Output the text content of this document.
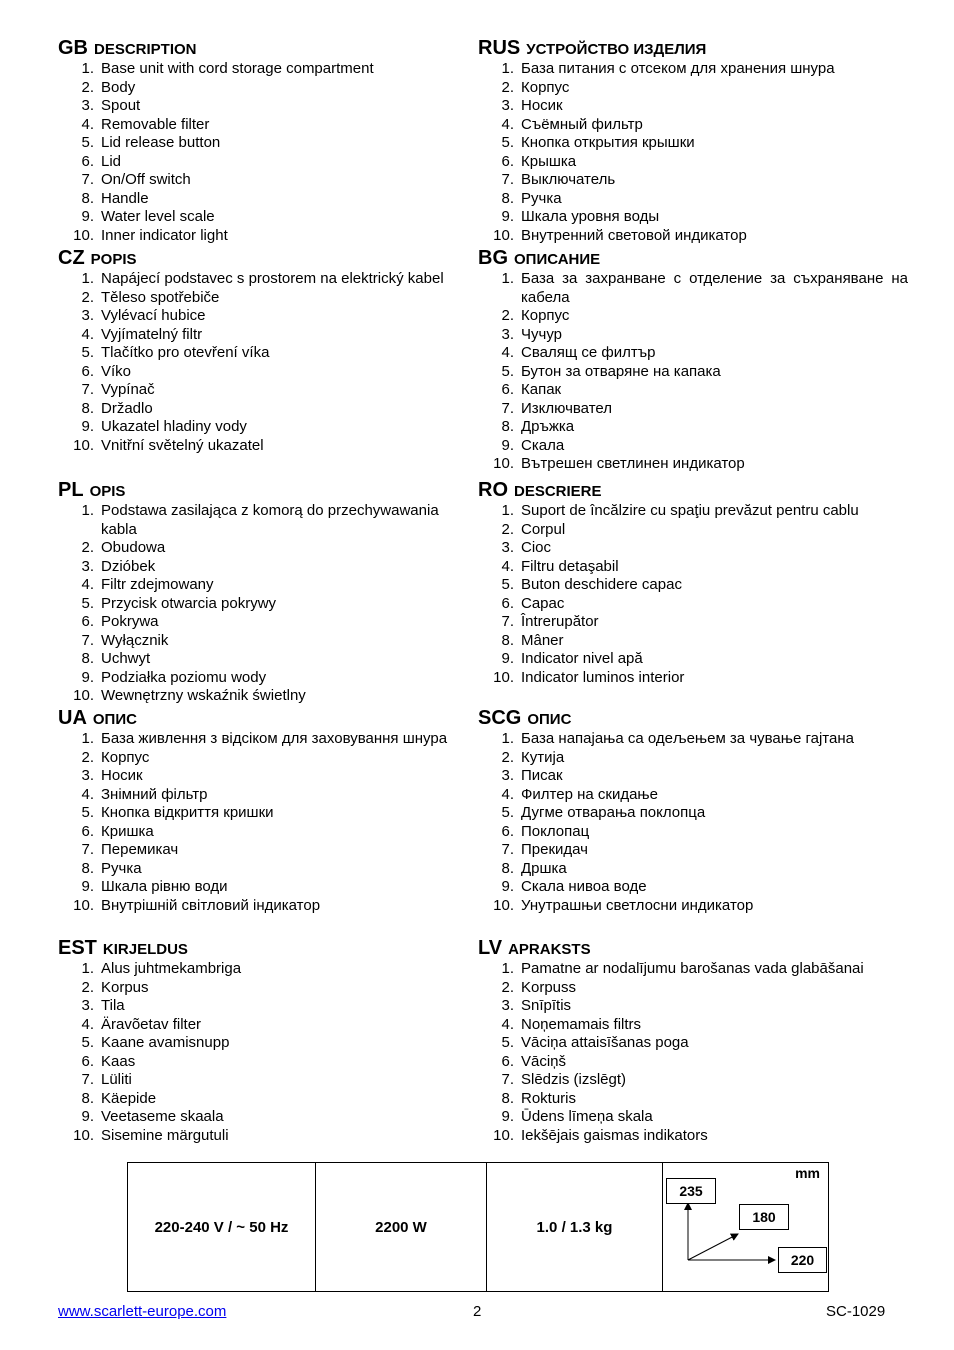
GB DESCRIPTION
1. Base unit with cord storage compartment
2. Body
3. Spout
4. Removable filter
5. Lid release button
6. Lid
7. On/Off switch
8. Handle
9. Water level scale
10. Inner indicator light
CZ POPIS
1. Napájecí podstavec s prostorem na elektrický kabel
2. Těleso spotřebiče
3. Vylévací hubice
4. Vyjímatelný filtr
5. Tlačítko pro otevření víka
6. Víko
7. Vypínač
8. Držadlo
9. Ukazatel hladiny vody
10. Vnitřní světelný ukazatel
PL OPIS
1. Podstawa zasilająca z komorą do przechywawania kabla
2. Obudowa
3. Dzióbek
4. Filtr zdejmowany
5. Przycisk otwarcia pokrywy
6. Pokrywa
7. Wyłącznik
8. Uchwyt
9. Podziałka poziomu wody
10. Wewnętrzny wskaźnik świetlny
UA ОПИС
1. База живлення з відсіком для заховування шнура
2. Корпус
3. Носик
4. Знімний фільтр
5. Кнопка відкриття кришки
6. Кришка
7. Перемикач
8. Ручка
9. Шкала рівню води
10. Внутрішній світловий індикатор
EST KIRJELDUS
1. Alus juhtmekambriga
2. Korpus
3. Tila
4. Äravõetav filter
5. Kaane avamisnupp
6. Kaas
7. Lüliti
8. Käepide
9. Veetaseme skaala
10. Sisemine märgutuli
RUS УСТРОЙСТВО ИЗДЕЛИЯ
1. База питания с отсеком для хранения шнура
2. Корпус
3. Носик
4. Съёмный фильтр
5. Кнопка открытия крышки
6. Крышка
7. Выключатель
8. Ручка
9. Шкала уровня воды
10. Внутренний световой индикатор
BG ОПИСАНИЕ
1. База за захранване с отделение за съхраняване на кабела
2. Корпус
3. Чучур
4. Свалящ се филтър
5. Бутон за отваряне на капака
6. Капак
7. Изключвател
8. Дръжка
9. Скала
10. Вътрешен светлинен индикатор
RO DESCRIERE
1. Suport de încălzire cu spaţiu prevăzut pentru cablu
2. Corpul
3. Cioc
4. Filtru detaşabil
5. Buton deschidere capac
6. Capac
7. Întrerupător
8. Mâner
9. Indicator nivel apă
10. Indicator luminos interior
SCG ОПИС
1. База напајања са одељењем за чување гајтана
2. Кутија
3. Писак
4. Филтер на скидање
5. Дугме отварања поклопца
6. Поклопац
7. Прекидач
8. Дршка
9. Скала нивоа воде
10. Унутрашњи светлосни индикатор
LV APRAKSTS
1. Pamatne ar nodalījumu barošanas vada glabāšanai
2. Korpuss
3. Snīpītis
4. Noņemamais filtrs
5. Vāciņa attaisīšanas poga
6. Vāciņš
7. Slēdzis (izslēgt)
8. Rokturis
9. Ūdens līmeņa skala
10. Iekšējais gaismas indikators
220-240 V / ~ 50 Hz	2200 W	1.0 / 1.3 kg
mm
235
180
220
www.scarlett-europe.com	2	SC-1029
